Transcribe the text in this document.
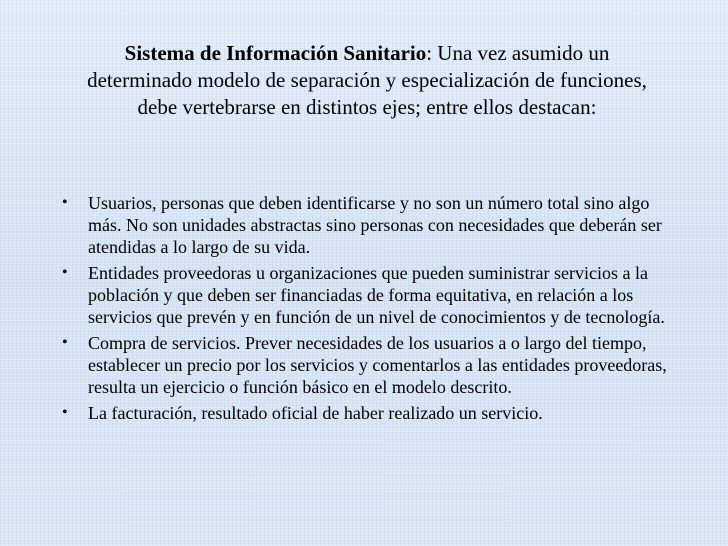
Sistema de Información Sanitario: Una vez asumido un determinado modelo de separación y especialización de funciones, debe vertebrarse en distintos ejes; entre ellos destacan:
•	Usuarios, personas que deben identificarse y no son un número total sino algo más. No son unidades abstractas sino personas con necesidades que deberán ser atendidas a lo largo de su vida.
•	Entidades proveedoras u organizaciones que pueden suministrar servicios a la población y que deben ser financiadas de forma equitativa, en relación a los servicios que prevén y en función de un nivel de conocimientos y de tecnología.
•	Compra de servicios. Prever necesidades de los usuarios a o largo del tiempo, establecer un precio por los servicios y comentarlos a las entidades proveedoras, resulta un ejercicio o función básico en el modelo descrito.
•	La facturación, resultado oficial de haber realizado un servicio.
